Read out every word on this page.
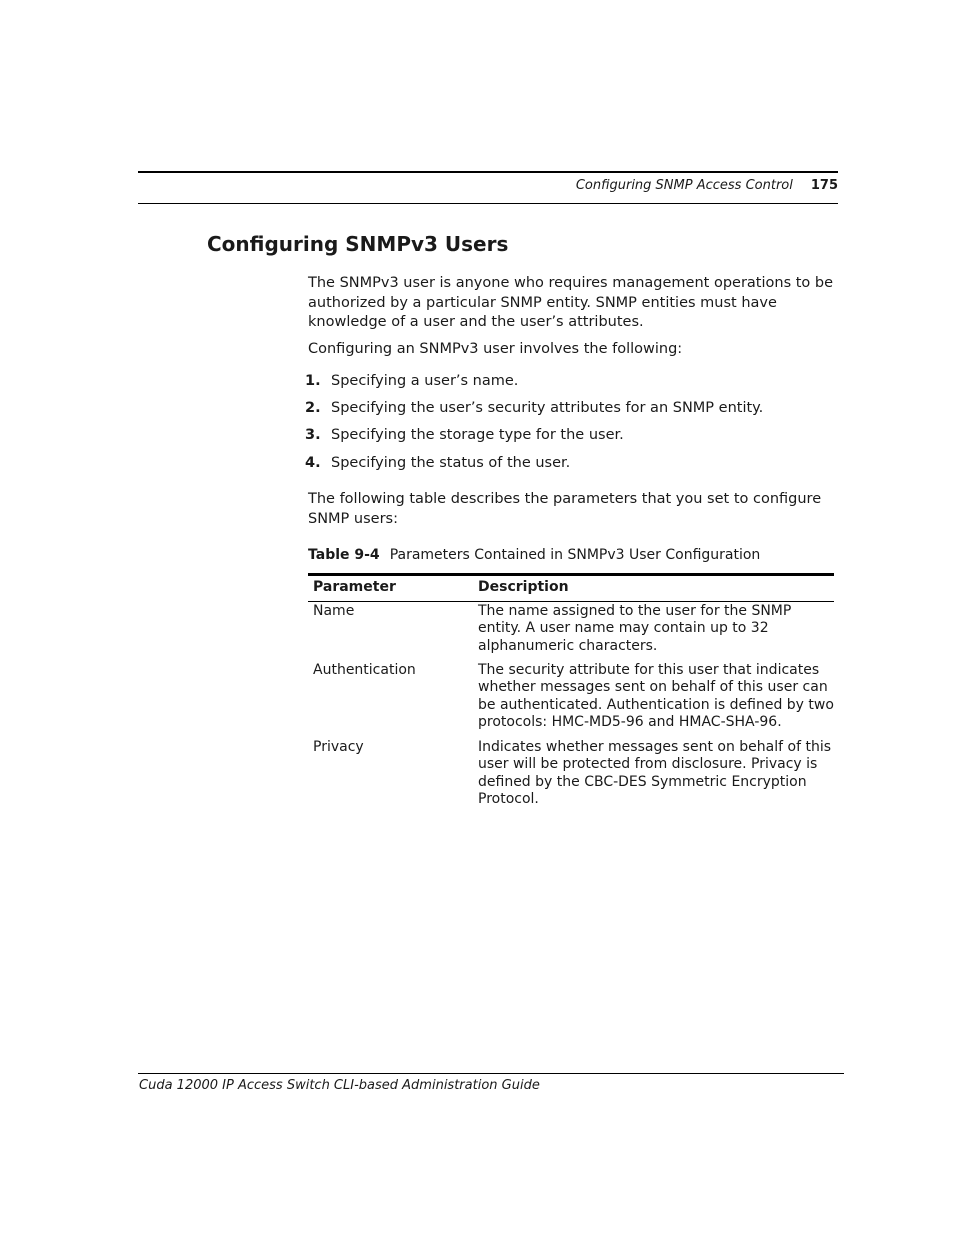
Configuring SNMP Access Control 175
Configuring SNMPv3 Users
The SNMPv3 user is anyone who requires management operations to be authorized by a particular SNMP entity. SNMP entities must have knowledge of a user and the user’s attributes.
Configuring an SNMPv3 user involves the following:
1. Specifying a user’s name.
2. Specifying the user’s security attributes for an SNMP entity.
3. Specifying the storage type for the user.
4. Specifying the status of the user.
The following table describes the parameters that you set to configure SNMP users:
Table 9-4 Parameters Contained in SNMPv3 User Configuration
Parameter	Description
Name	The name assigned to the user for the SNMP entity. A user name may contain up to 32 alphanumeric characters.
Authentication	The security attribute for this user that indicates whether messages sent on behalf of this user can be authenticated. Authentication is defined by two protocols: HMC-MD5-96 and HMAC-SHA-96.
Privacy	Indicates whether messages sent on behalf of this user will be protected from disclosure. Privacy is defined by the CBC-DES Symmetric Encryption Protocol.
Cuda 12000 IP Access Switch CLI-based Administration Guide
